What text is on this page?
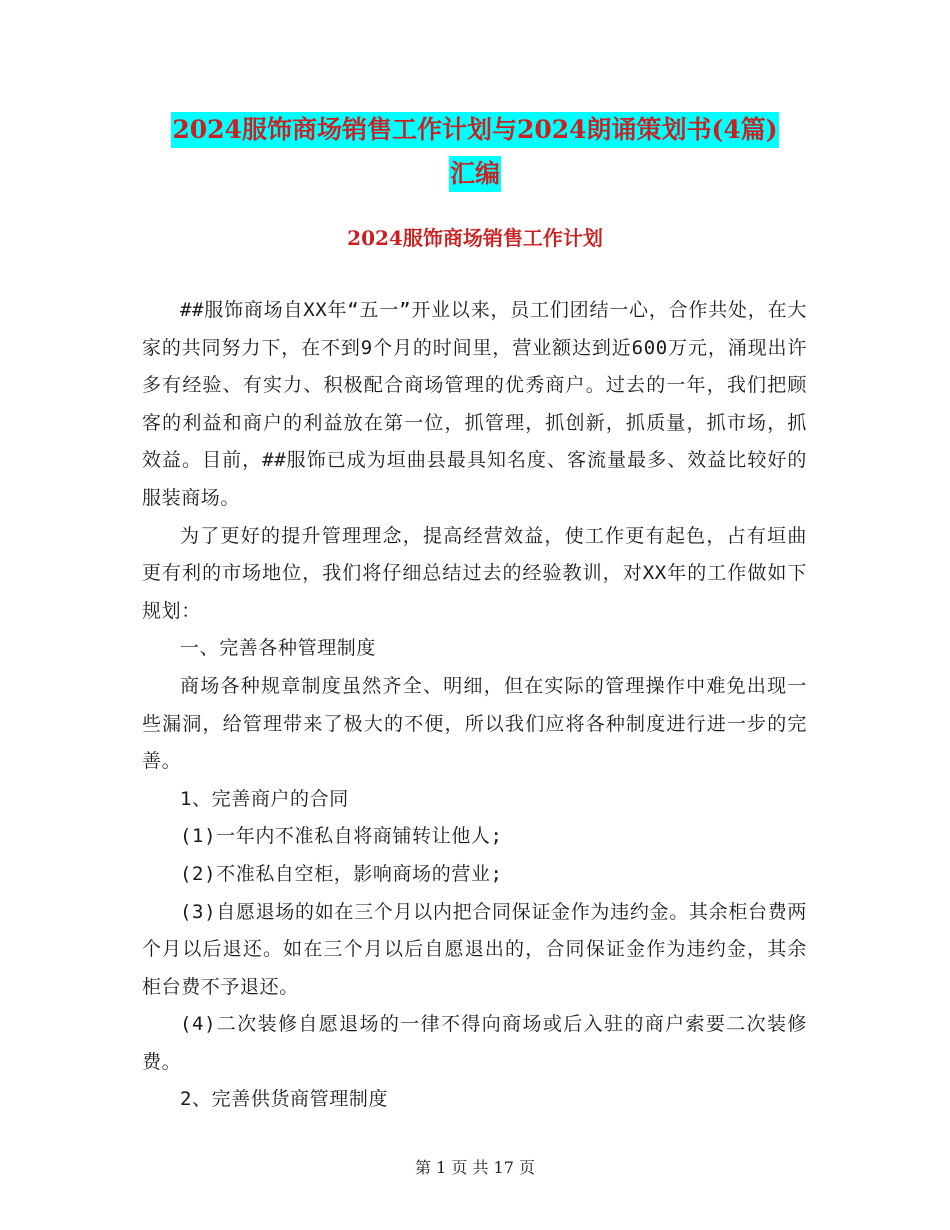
2024服饰商场销售工作计划与2024朗诵策划书(4篇)
汇编
2024服饰商场销售工作计划

##服饰商场自XX年“五一”开业以来，员工们团结一心，合作共处，在大家的共同努力下，在不到9个月的时间里，营业额达到近600万元，涌现出许多有经验、有实力、积极配合商场管理的优秀商户。过去的一年，我们把顾客的利益和商户的利益放在第一位，抓管理，抓创新，抓质量，抓市场，抓效益。目前，##服饰已成为垣曲县最具知名度、客流量最多、效益比较好的服装商场。

为了更好的提升管理理念，提高经营效益，使工作更有起色，占有垣曲更有利的市场地位，我们将仔细总结过去的经验教训，对XX年的工作做如下规划：

一、完善各种管理制度

商场各种规章制度虽然齐全、明细，但在实际的管理操作中难免出现一些漏洞，给管理带来了极大的不便，所以我们应将各种制度进行进一步的完善。

1、完善商户的合同

(1)一年内不准私自将商铺转让他人;

(2)不准私自空柜，影响商场的营业;

(3)自愿退场的如在三个月以内把合同保证金作为违约金。其余柜台费两个月以后退还。如在三个月以后自愿退出的，合同保证金作为违约金，其余柜台费不予退还。

(4)二次装修自愿退场的一律不得向商场或后入驻的商户索要二次装修费。

2、完善供货商管理制度

第 1 页 共 17 页
